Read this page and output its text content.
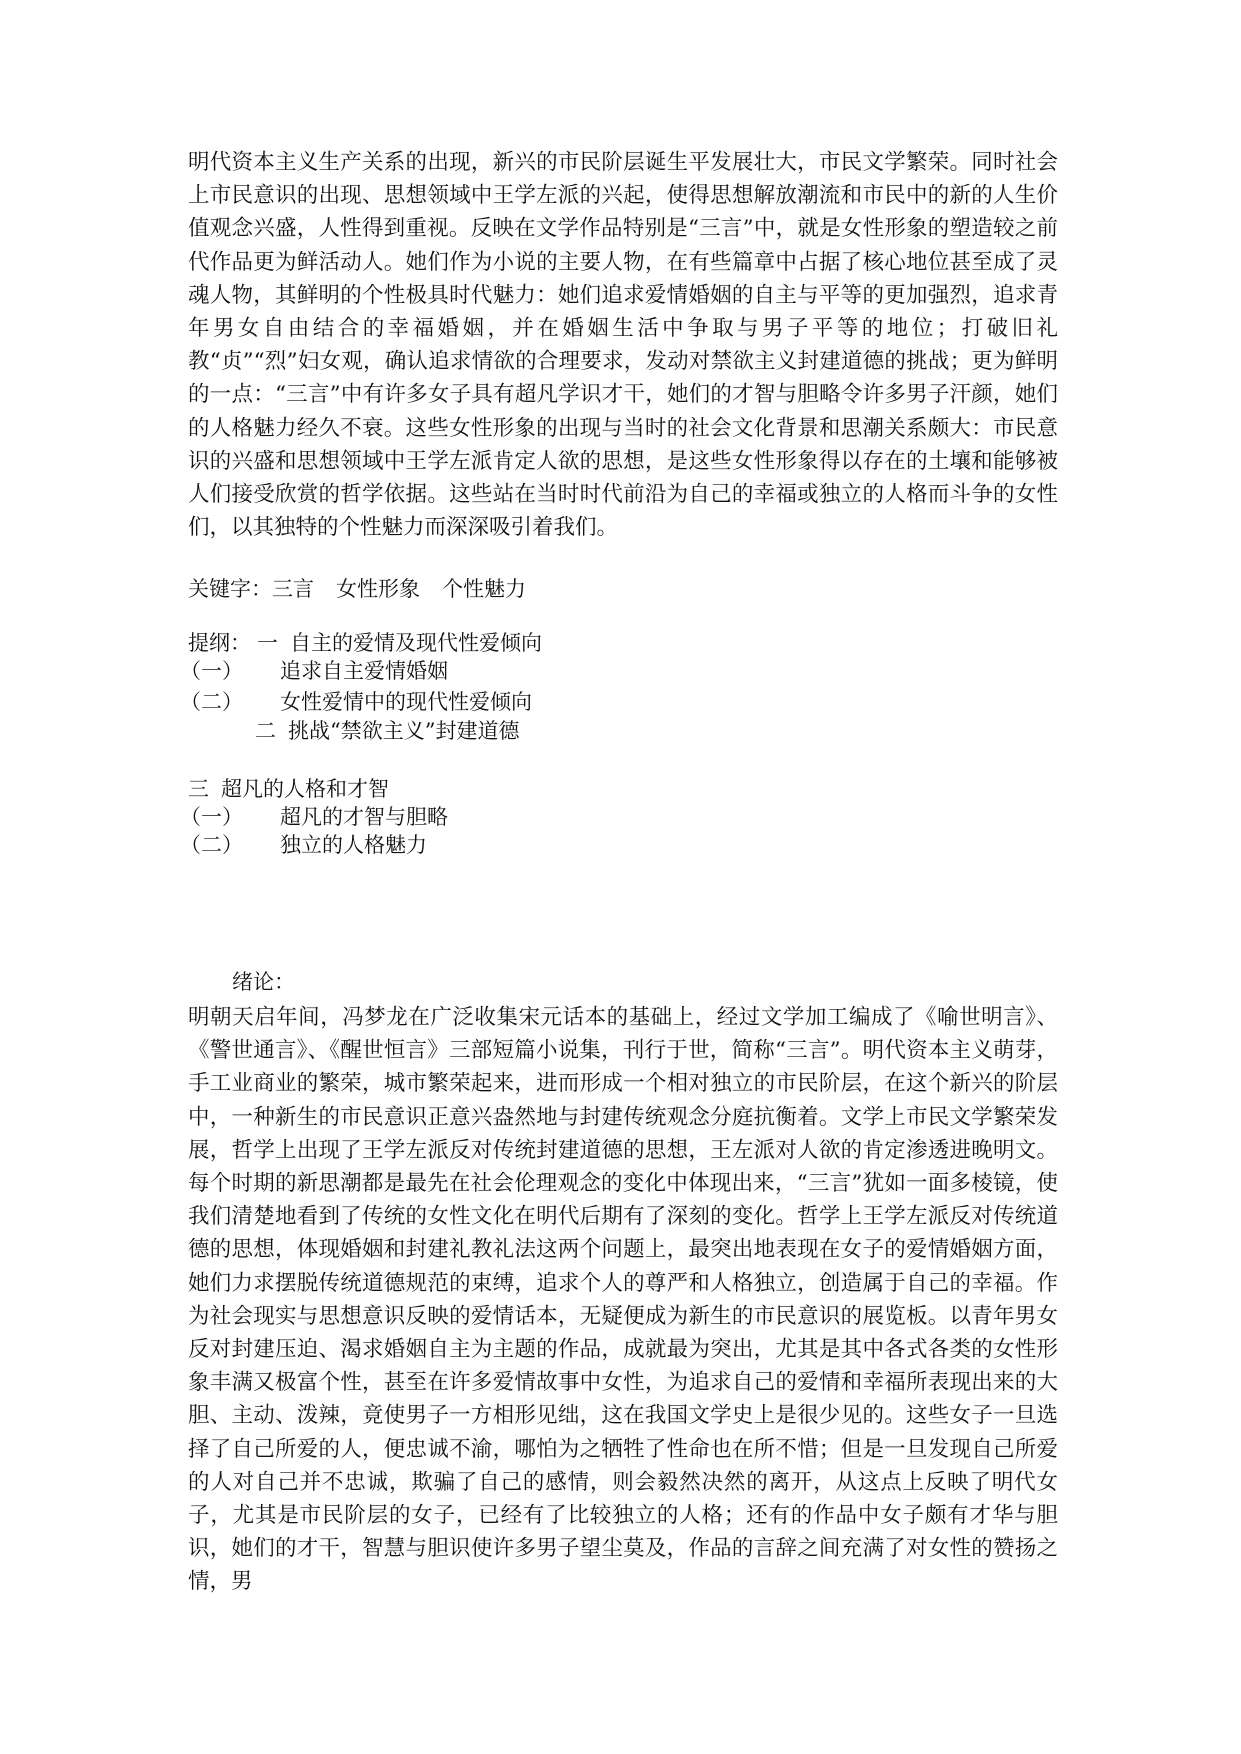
明代资本主义生产关系的出现，新兴的市民阶层诞生平发展壮大，市民文学繁荣。同时社会上市民意识的出现、思想领域中王学左派的兴起，使得思想解放潮流和市民中的新的人生价值观念兴盛，人性得到重视。反映在文学作品特别是“三言”中，就是女性形象的塑造较之前代作品更为鲜活动人。她们作为小说的主要人物，在有些篇章中占据了核心地位甚至成了灵魂人物，其鲜明的个性极具时代魅力：她们追求爱情婚姻的自主与平等的更加强烈，追求青年男女自由结合的幸福婚姻，并在婚姻生活中争取与男子平等的地位；打破旧礼教“贞”“烈”妇女观，确认追求情欲的合理要求，发动对禁欲主义封建道德的挑战；更为鲜明的一点：“三言”中有许多女子具有超凡学识才干，她们的才智与胆略令许多男子汗颜，她们的人格魅力经久不衰。这些女性形象的出现与当时的社会文化背景和思潮关系颇大：市民意识的兴盛和思想领域中王学左派肯定人欲的思想，是这些女性形象得以存在的土壤和能够被人们接受欣赏的哲学依据。这些站在当时时代前沿为自己的幸福或独立的人格而斗争的女性们，以其独特的个性魅力而深深吸引着我们。

关键字：三言 女性形象 个性魅力
提纲： 一 自主的爱情及现代性爱倾向
（一） 追求自主爱情婚姻
（二） 女性爱情中的现代性爱倾向
二 挑战“禁欲主义”封建道德
三 超凡的人格和才智
（一） 超凡的才智与胆略
（二） 独立的人格魅力
绪论：

明朝天启年间，冯梦龙在广泛收集宋元话本的基础上，经过文学加工编成了《喻世明言》、《警世通言》、《醒世恒言》三部短篇小说集，刊行于世，简称“三言”。明代资本主义萌芽，手工业商业的繁荣，城市繁荣起来，进而形成一个相对独立的市民阶层，在这个新兴的阶层中，一种新生的市民意识正意兴盎然地与封建传统观念分庭抗衡着。文学上市民文学繁荣发展，哲学上出现了王学左派反对传统封建道德的思想，王左派对人欲的肯定渗透进晚明文。每个时期的新思潮都是最先在社会伦理观念的变化中体现出来，“三言”犹如一面多棱镜，使我们清楚地看到了传统的女性文化在明代后期有了深刻的变化。哲学上王学左派反对传统道德的思想，体现婚姻和封建礼教礼法这两个问题上，最突出地表现在女子的爱情婚姻方面，她们力求摆脱传统道德规范的束缚，追求个人的尊严和人格独立，创造属于自己的幸福。作为社会现实与思想意识反映的爱情话本，无疑便成为新生的市民意识的展览板。以青年男女反对封建压迫、渴求婚姻自主为主题的作品，成就最为突出，尤其是其中各式各类的女性形象丰满又极富个性，甚至在许多爱情故事中女性，为追求自己的爱情和幸福所表现出来的大胆、主动、泼辣，竟使男子一方相形见绌，这在我国文学史上是很少见的。这些女子一旦选择了自己所爱的人，便忠诚不渝，哪怕为之牺牲了性命也在所不惜；但是一旦发现自己所爱的人对自己并不忠诚，欺骗了自己的感情，则会毅然决然的离开，从这点上反映了明代女子，尤其是市民阶层的女子，已经有了比较独立的人格；还有的作品中女子颇有才华与胆识，她们的才干，智慧与胆识使许多男子望尘莫及，作品的言辞之间充满了对女性的赞扬之情，男
